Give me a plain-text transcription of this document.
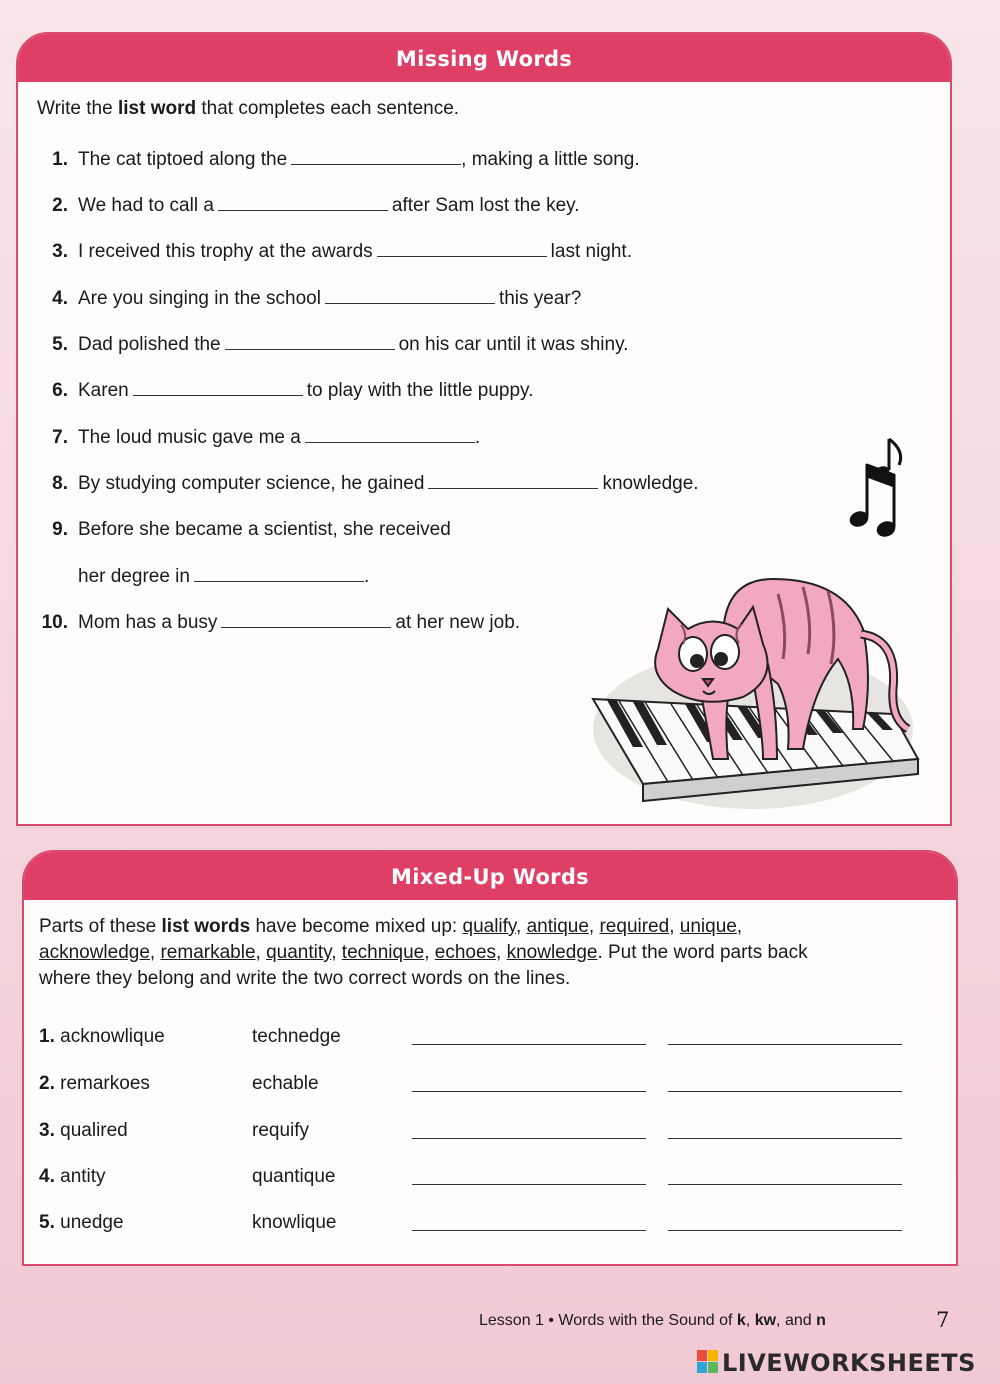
Missing Words
Write the list word that completes each sentence.
1. The cat tiptoed along the	, making a little song.
2. We had to call a	after Sam lost the key.
3. I received this trophy at the awards	last night.
4. Are you singing in the school	this year?
5. Dad polished the	on his car until it was shiny.
6. Karen	to play with the little puppy.
7. The loud music gave me a	.
8. By studying computer science, he gained	knowledge.
9. Before she became a scientist, she received
her degree in	.
10. Mom has a busy	at her new job.
Mixed-Up Words
Parts of these list words have become mixed up: qualify, antique, required, unique,
acknowledge, remarkable, quantity, technique, echoes, knowledge. Put the word parts back
where they belong and write the two correct words on the lines.
1. acknowlique	technedge
2. remarkoes	echable
3. qualired	requify
4. antity	quantique
5. unedge	knowlique
Lesson 1 • Words with the Sound of k, kw, and n	7
LIVEWORKSHEETS
